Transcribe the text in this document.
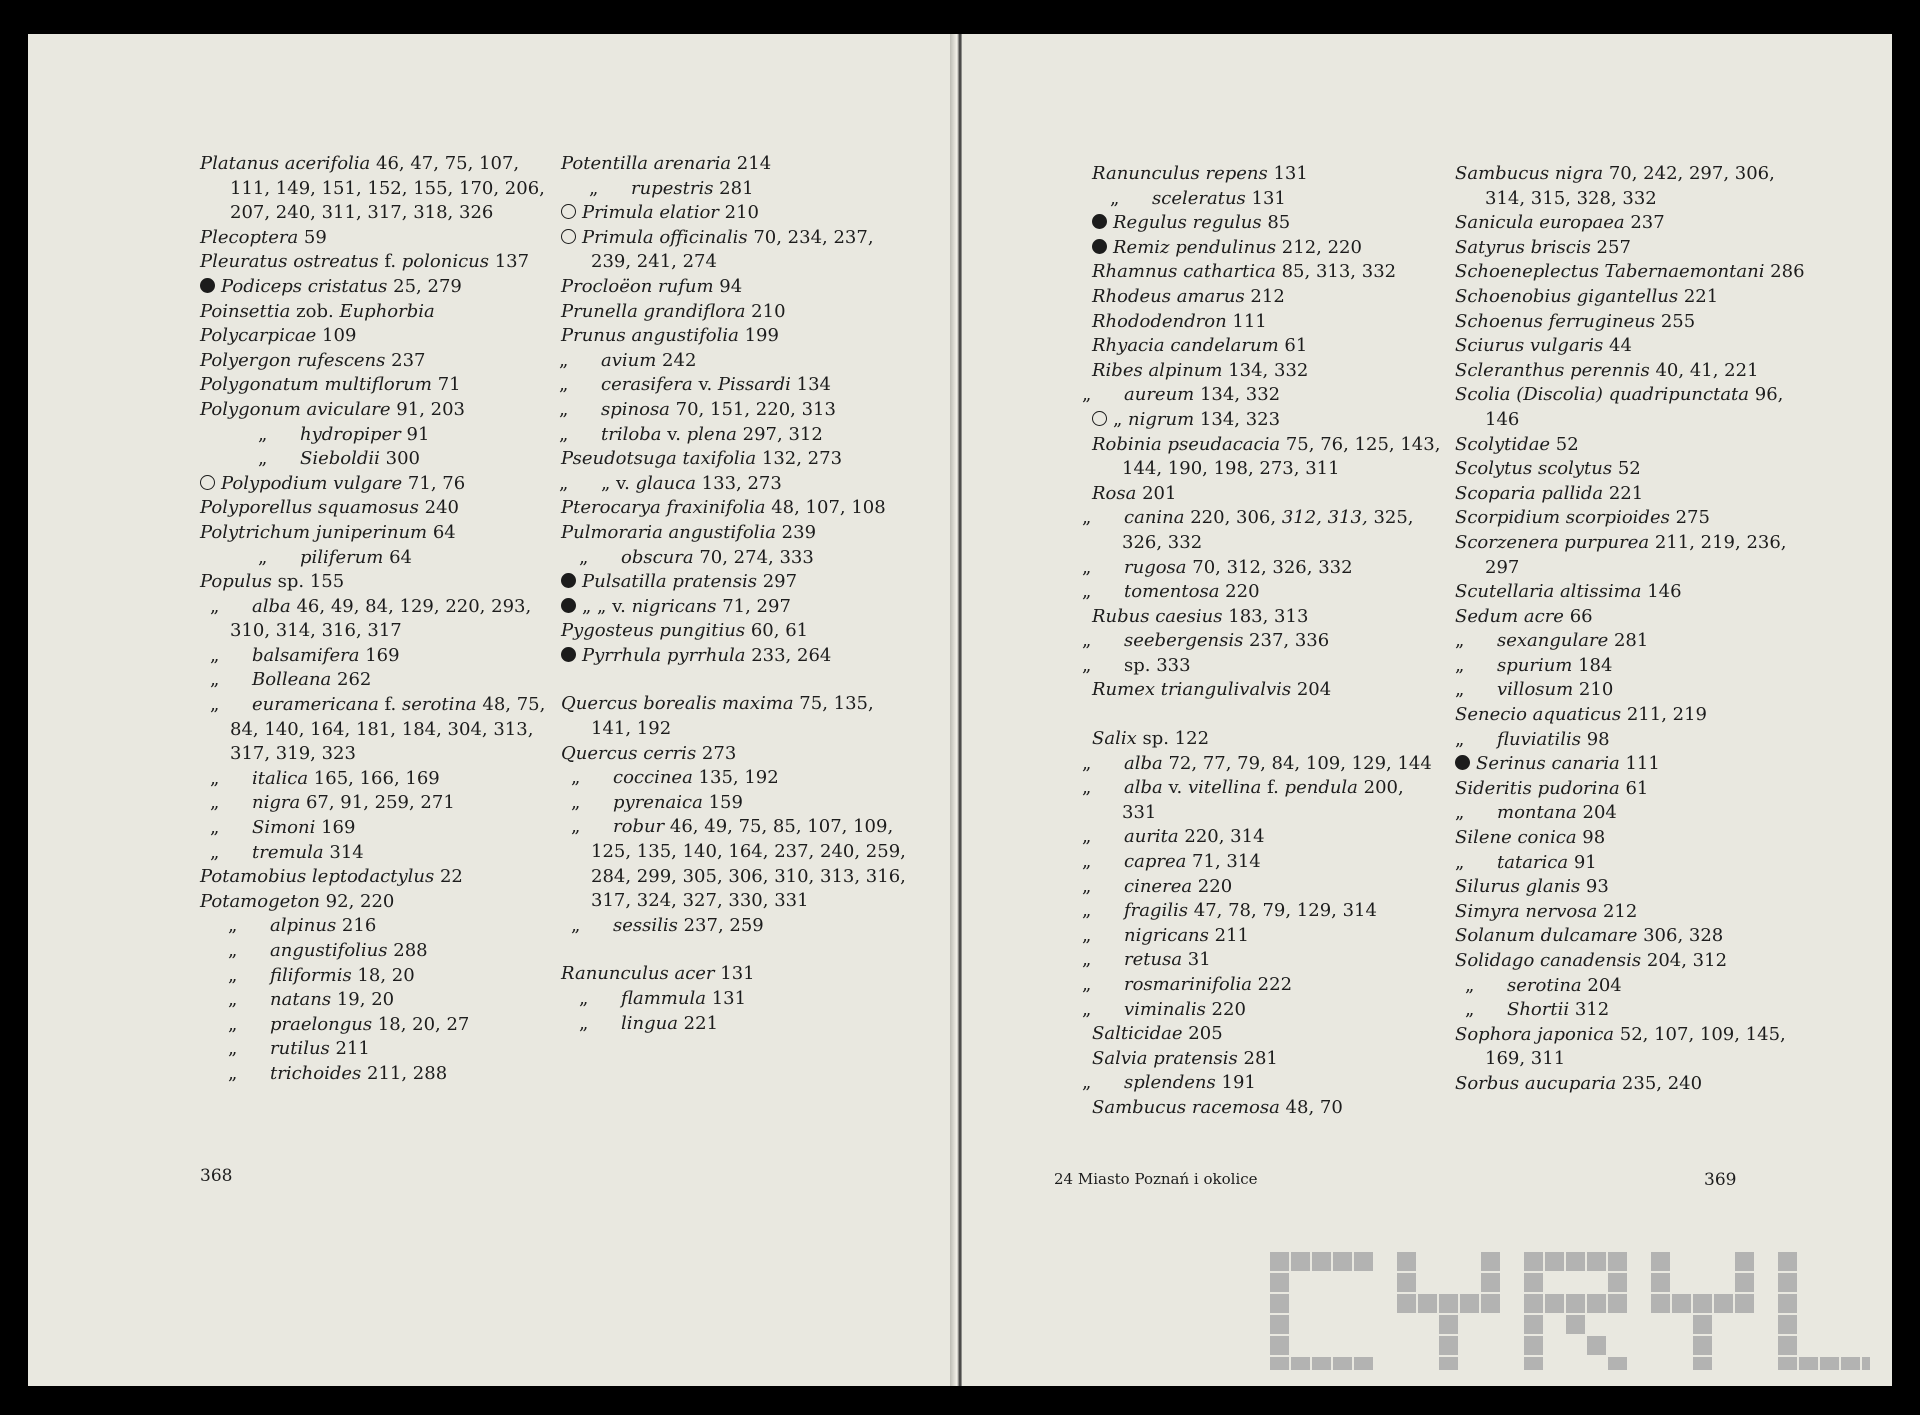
Platanus acerifolia 46, 47, 75, 107, 111, 149, 151, 152, 155, 170, 206, 207, 240, 311, 317, 318, 326
Plecoptera 59
Pleuratus ostreatus f. polonicus 137
Podiceps cristatus 25, 279
Poinsettia zob. Euphorbia
Polycarpicae 109
Polyergon rufescens 237
Polygonatum multiflorum 71
Polygonum aviculare 91, 203
„ hydropiper 91
„ Sieboldii 300
Polypodium vulgare 71, 76
Polyporellus squamosus 240
Polytrichum juniperinum 64
„ piliferum 64
Populus sp. 155
„ alba 46, 49, 84, 129, 220, 293, 310, 314, 316, 317
„ balsamifera 169
„ Bolleana 262
„ euramericana f. serotina 48, 75, 84, 140, 164, 181, 184, 304, 313, 317, 319, 323
„ italica 165, 166, 169
„ nigra 67, 91, 259, 271
„ Simoni 169
„ tremula 314
Potamobius leptodactylus 22
Potamogeton 92, 220
„ alpinus 216
„ angustifolius 288
„ filiformis 18, 20
„ natans 19, 20
„ praelongus 18, 20, 27
„ rutilus 211
„ trichoides 211, 288
Potentilla arenaria 214
„ rupestris 281
Primula elatior 210
Primula officinalis 70, 234, 237, 239, 241, 274
Procloëon rufum 94
Prunella grandiflora 210
Prunus angustifolia 199
„ avium 242
„ cerasifera v. Pissardi 134
„ spinosa 70, 151, 220, 313
„ triloba v. plena 297, 312
Pseudotsuga taxifolia 132, 273
„ „ v. glauca 133, 273
Pterocarya fraxinifolia 48, 107, 108
Pulmoraria angustifolia 239
„ obscura 70, 274, 333
Pulsatilla pratensis 297
„ „ v. nigricans 71, 297
Pygosteus pungitius 60, 61
Pyrrhula pyrrhula 233, 264
Quercus borealis maxima 75, 135, 141, 192
Quercus cerris 273
„ coccinea 135, 192
„ pyrenaica 159
„ robur 46, 49, 75, 85, 107, 109, 125, 135, 140, 164, 237, 240, 259, 284, 299, 305, 306, 310, 313, 316, 317, 324, 327, 330, 331
„ sessilis 237, 259
Ranunculus acer 131
„ flammula 131
„ lingua 221
368
Ranunculus repens 131
„ sceleratus 131
Regulus regulus 85
Remiz pendulinus 212, 220
Rhamnus cathartica 85, 313, 332
Rhodeus amarus 212
Rhododendron 111
Rhyacia candelarum 61
Ribes alpinum 134, 332
„ aureum 134, 332
„ nigrum 134, 323
Robinia pseudacacia 75, 76, 125, 143, 144, 190, 198, 273, 311
Rosa 201
„ canina 220, 306, 312, 313, 325, 326, 332
„ rugosa 70, 312, 326, 332
„ tomentosa 220
Rubus caesius 183, 313
„ seebergensis 237, 336
„ sp. 333
Rumex triangulivalvis 204
Salix sp. 122
„ alba 72, 77, 79, 84, 109, 129, 144
„ alba v. vitellina f. pendula 200, 331
„ aurita 220, 314
„ caprea 71, 314
„ cinerea 220
„ fragilis 47, 78, 79, 129, 314
„ nigricans 211
„ retusa 31
„ rosmarinifolia 222
„ viminalis 220
Salticidae 205
Salvia pratensis 281
„ splendens 191
Sambucus racemosa 48, 70
Sambucus nigra 70, 242, 297, 306, 314, 315, 328, 332
Sanicula europaea 237
Satyrus briscis 257
Schoeneplectus Tabernaemontani 286
Schoenobius gigantellus 221
Schoenus ferrugineus 255
Sciurus vulgaris 44
Scleranthus perennis 40, 41, 221
Scolia (Discolia) quadripunctata 96, 146
Scolytidae 52
Scolytus scolytus 52
Scoparia pallida 221
Scorpidium scorpioides 275
Scorzenera purpurea 211, 219, 236, 297
Scutellaria altissima 146
Sedum acre 66
„ sexangulare 281
„ spurium 184
„ villosum 210
Senecio aquaticus 211, 219
„ fluviatilis 98
Serinus canaria 111
Sideritis pudorina 61
„ montana 204
Silene conica 98
„ tatarica 91
Silurus glanis 93
Simyra nervosa 212
Solanum dulcamare 306, 328
Solidago canadensis 204, 312
„ serotina 204
„ Shortii 312
Sophora japonica 52, 107, 109, 145, 169, 311
Sorbus aucuparia 235, 240
24 Miasto Poznań i okolice	369
